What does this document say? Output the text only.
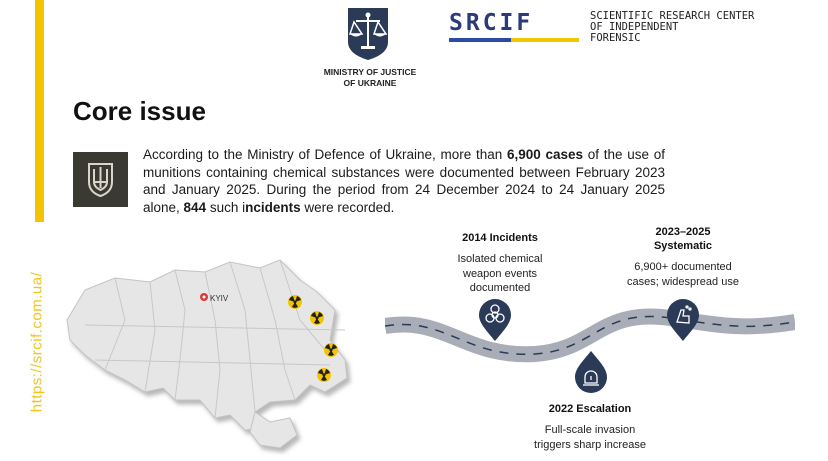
https://srcif.com.ua/
MINISTRY OF JUSTICE
OF UKRAINE
SRCIF	SCIENTIFIC RESEARCH CENTER
OF INDEPENDENT
FORENSIC
Core issue
According to the Ministry of Defence of Ukraine, more than 6,900 cases of the use of munitions containing chemical substances were documented between February 2023 and January 2025. During the period from 24 December 2024 to 24 January 2025 alone, 844 such incidents were recorded.
KYIV
2014 Incidents
Isolated chemical
weapon events
documented
2022 Escalation
Full-scale invasion
triggers sharp increase
2023–2025
Systematic
6,900+ documented
cases; widespread use
